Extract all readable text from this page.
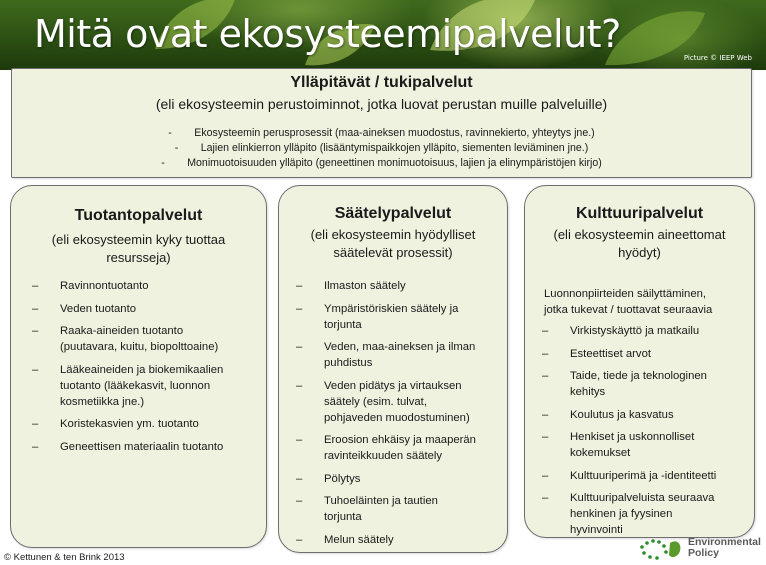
Mitä ovat ekosysteemipalvelut?
Picture © IEEP Web
Ylläpitävät / tukipalvelut
(eli ekosysteemin perustoiminnot, jotka luovat perustan muille palveluille)
- Ekosysteemin perusprosessit (maa-aineksen muodostus, ravinnekierto, yhteytys jne.)
- Lajien elinkierron ylläpito (lisääntymispaikkojen ylläpito, siementen leviäminen jne.)
- Monimuotoisuuden ylläpito (geneettinen monimuotoisuus, lajien ja elinympäristöjen kirjo)
Tuotantopalvelut
(eli ekosysteemin kyky tuottaa
resursseja)
– Ravinnontuotanto
– Veden tuotanto
– Raaka-aineiden tuotanto
(puutavara, kuitu, biopolttoaine)
– Lääkeaineiden ja biokemikaalien
tuotanto (lääkekasvit, luonnon
kosmetiikka jne.)
– Koristekasvien ym. tuotanto
– Geneettisen materiaalin tuotanto
Säätelypalvelut
(eli ekosysteemin hyödylliset
säätelevät prosessit)
– Ilmaston säätely
– Ympäristöriskien säätely ja
torjunta
– Veden, maa-aineksen ja ilman
puhdistus
– Veden pidätys ja virtauksen
säätely (esim. tulvat,
pohjaveden muodostuminen)
– Eroosion ehkäisy ja maaperän
ravinteikkuuden säätely
– Pölytys
– Tuhoeläinten ja tautien
torjunta
– Melun säätely
Kulttuuripalvelut
(eli ekosysteemin aineettomat
hyödyt)
Luonnonpiirteiden säilyttäminen,
jotka tukevat / tuottavat seuraavia
– Virkistyskäyttö ja matkailu
– Esteettiset arvot
– Taide, tiede ja teknologinen
kehitys
– Koulutus ja kasvatus
– Henkiset ja uskonnolliset
kokemukset
– Kulttuuriperimä ja -identiteetti
– Kulttuuripalveluista seuraava
henkinen ja fyysinen
hyvinvointi
© Kettunen & ten Brink 2013
Environmental
Policy
